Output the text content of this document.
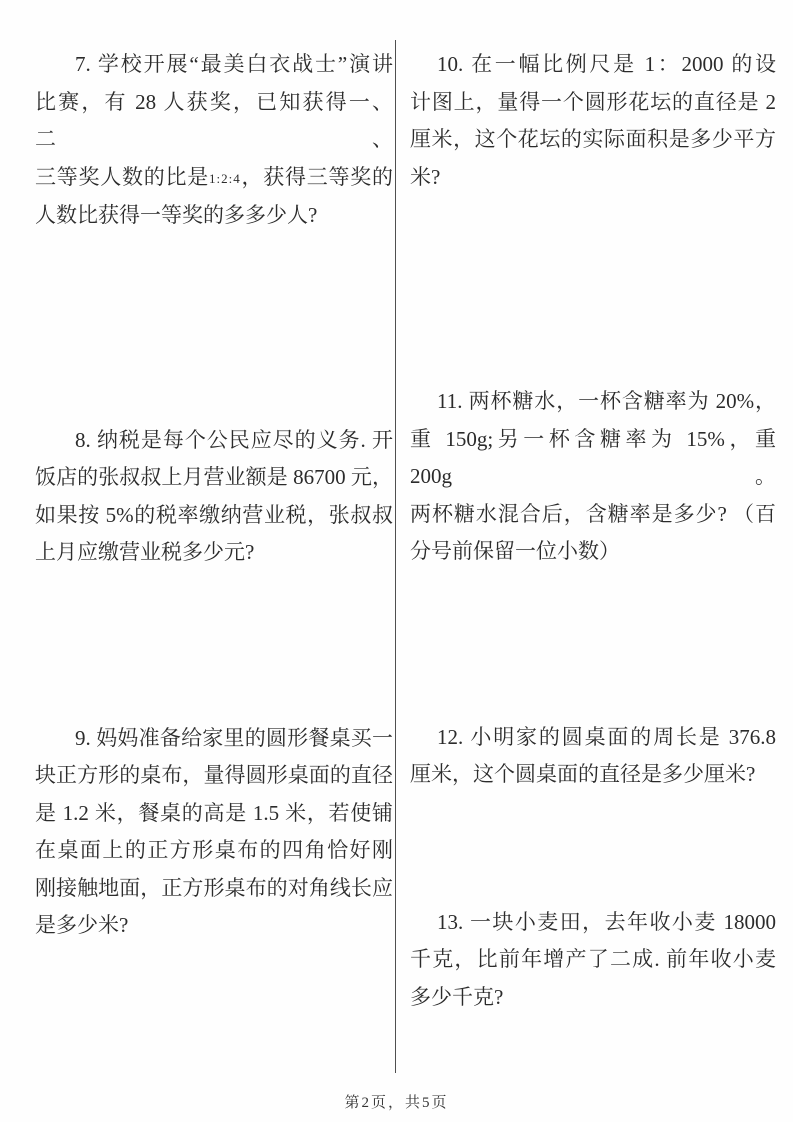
7. 学校开展“最美白衣战士”演讲
比赛，有 28 人获奖，已知获得一、二、
三等奖人数的比是1:2:4，获得三等奖的
人数比获得一等奖的多多少人?
8. 纳税是每个公民应尽的义务. 开
饭店的张叔叔上月营业额是 86700 元，
如果按 5%的税率缴纳营业税，张叔叔
上月应缴营业税多少元?
9. 妈妈准备给家里的圆形餐桌买一
块正方形的桌布，量得圆形桌面的直径
是 1.2 米，餐桌的高是 1.5 米，若使铺
在桌面上的正方形桌布的四角恰好刚
刚接触地面，正方形桌布的对角线长应
是多少米?
10. 在一幅比例尺是 1：2000 的设
计图上，量得一个圆形花坛的直径是 2
厘米，这个花坛的实际面积是多少平方
米?
11. 两杯糖水，一杯含糖率为 20%，
重 150g;另一杯含糖率为 15%，重 200g。
两杯糖水混合后，含糖率是多少? （百
分号前保留一位小数）
12. 小明家的圆桌面的周长是 376.8
厘米，这个圆桌面的直径是多少厘米?
13. 一块小麦田，去年收小麦 18000
千克，比前年增产了二成. 前年收小麦
多少千克?
第2页，共5页
